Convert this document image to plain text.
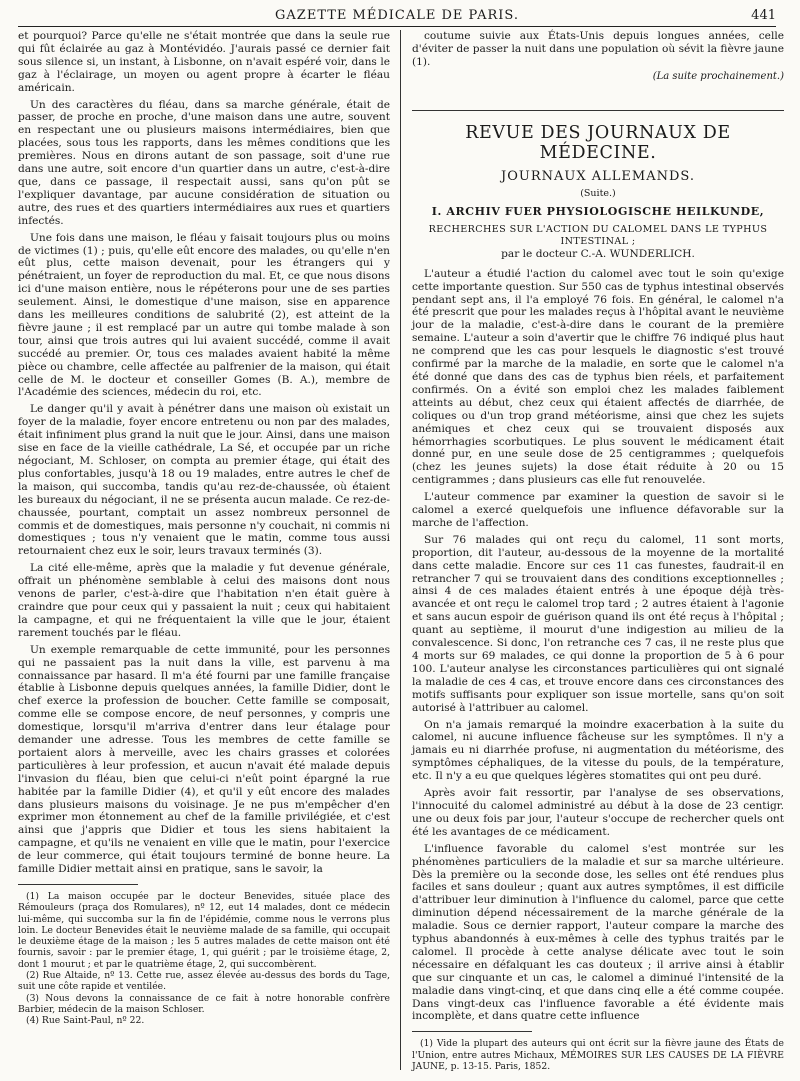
GAZETTE MÉDICALE DE PARIS.	441

et pourquoi? Parce qu'elle ne s'était montrée que dans la seule rue qui fût éclairée au gaz à Montévidéo. J'aurais passé ce dernier fait sous silence si, un instant, à Lisbonne, on n'avait espéré voir, dans le gaz à l'éclairage, un moyen ou agent propre à écarter le fléau américain.

Un des caractères du fléau, dans sa marche générale, était de passer, de proche en proche, d'une maison dans une autre, souvent en respectant une ou plusieurs maisons intermédiaires, bien que placées, sous tous les rapports, dans les mêmes conditions que les premières. Nous en dirons autant de son passage, soit d'une rue dans une autre, soit encore d'un quartier dans un autre, c'est-à-dire que, dans ce passage, il respectait aussi, sans qu'on pût se l'expliquer davantage, par aucune considération de situation ou autre, des rues et des quartiers intermédiaires aux rues et quartiers infectés.

Une fois dans une maison, le fléau y faisait toujours plus ou moins de victimes (1) ; puis, qu'elle eût encore des malades, ou qu'elle n'en eût plus, cette maison devenait, pour les étrangers qui y pénétraient, un foyer de reproduction du mal. Et, ce que nous disons ici d'une maison entière, nous le répéterons pour une de ses parties seulement. Ainsi, le domestique d'une maison, sise en apparence dans les meilleures conditions de salubrité (2), est atteint de la fièvre jaune ; il est remplacé par un autre qui tombe malade à son tour, ainsi que trois autres qui lui avaient succédé, comme il avait succédé au premier. Or, tous ces malades avaient habité la même pièce ou chambre, celle affectée au palfrenier de la maison, qui était celle de M. le docteur et conseiller Gomes (B. A.), membre de l'Académie des sciences, médecin du roi, etc.

Le danger qu'il y avait à pénétrer dans une maison où existait un foyer de la maladie, foyer encore entretenu ou non par des malades, était infiniment plus grand la nuit que le jour. Ainsi, dans une maison sise en face de la vieille cathédrale, La Sé, et occupée par un riche négociant, M. Schloser, on compta au premier étage, qui était des plus confortables, jusqu'à 18 ou 19 malades, entre autres le chef de la maison, qui succomba, tandis qu'au rez-de-chaussée, où étaient les bureaux du négociant, il ne se présenta aucun malade. Ce rez-de-chaussée, pourtant, comptait un assez nombreux personnel de commis et de domestiques, mais personne n'y couchait, ni commis ni domestiques ; tous n'y venaient que le matin, comme tous aussi retournaient chez eux le soir, leurs travaux terminés (3).

La cité elle-même, après que la maladie y fut devenue générale, offrait un phénomène semblable à celui des maisons dont nous venons de parler, c'est-à-dire que l'habitation n'en était guère à craindre que pour ceux qui y passaient la nuit ; ceux qui habitaient la campagne, et qui ne fréquentaient la ville que le jour, étaient rarement touchés par le fléau.

Un exemple remarquable de cette immunité, pour les personnes qui ne passaient pas la nuit dans la ville, est parvenu à ma connaissance par hasard. Il m'a été fourni par une famille française établie à Lisbonne depuis quelques années, la famille Didier, dont le chef exerce la profession de boucher. Cette famille se composait, comme elle se compose encore, de neuf personnes, y compris une domestique, lorsqu'il m'arriva d'entrer dans leur étalage pour demander une adresse. Tous les membres de cette famille se portaient alors à merveille, avec les chairs grasses et colorées particulières à leur profession, et aucun n'avait été malade depuis l'invasion du fléau, bien que celui-ci n'eût point épargné la rue habitée par la famille Didier (4), et qu'il y eût encore des malades dans plusieurs maisons du voisinage. Je ne pus m'empêcher d'en exprimer mon étonnement au chef de la famille privilégiée, et c'est ainsi que j'appris que Didier et tous les siens habitaient la campagne, et qu'ils ne venaient en ville que le matin, pour l'exercice de leur commerce, qui était toujours terminé de bonne heure. La famille Didier mettait ainsi en pratique, sans le savoir, la

(1) La maison occupée par le docteur Benevides, située place des Rémouleurs (praça dos Romulares), nº 12, eut 14 malades, dont ce médecin lui-même, qui succomba sur la fin de l'épidémie, comme nous le verrons plus loin. Le docteur Benevides était le neuvième malade de sa famille, qui occupait le deuxième étage de la maison ; les 5 autres malades de cette maison ont été fournis, savoir : par le premier étage, 1, qui guérit ; par le troisième étage, 2, dont 1 mourut ; et par le quatrième étage, 2, qui succombèrent.

(2) Rue Altaide, nº 13. Cette rue, assez élevée au-dessus des bords du Tage, suit une côte rapide et ventilée.

(3) Nous devons la connaissance de ce fait à notre honorable confrère Barbier, médecin de la maison Schloser.

(4) Rue Saint-Paul, nº 22.

coutume suivie aux États-Unis depuis longues années, celle d'éviter de passer la nuit dans une population où sévit la fièvre jaune (1).

(La suite prochainement.)
REVUE DES JOURNAUX DE MÉDECINE.
JOURNAUX ALLEMANDS.
(Suite.)
I. ARCHIV FUER PHYSIOLOGISCHE HEILKUNDE,
RECHERCHES SUR L'ACTION DU CALOMEL DANS LE TYPHUS INTESTINAL ;
par le docteur C.-A. WUNDERLICH.

L'auteur a étudié l'action du calomel avec tout le soin qu'exige cette importante question. Sur 550 cas de typhus intestinal observés pendant sept ans, il l'a employé 76 fois. En général, le calomel n'a été prescrit que pour les malades reçus à l'hôpital avant le neuvième jour de la maladie, c'est-à-dire dans le courant de la première semaine. L'auteur a soin d'avertir que le chiffre 76 indiqué plus haut ne comprend que les cas pour lesquels le diagnostic s'est trouvé confirmé par la marche de la maladie, en sorte que le calomel n'a été donné que dans des cas de typhus bien réels, et parfaitement confirmés. On a évité son emploi chez les malades faiblement atteints au début, chez ceux qui étaient affectés de diarrhée, de coliques ou d'un trop grand météorisme, ainsi que chez les sujets anémiques et chez ceux qui se trouvaient disposés aux hémorrhagies scorbutiques. Le plus souvent le médicament était donné pur, en une seule dose de 25 centigrammes ; quelquefois (chez les jeunes sujets) la dose était réduite à 20 ou 15 centigrammes ; dans plusieurs cas elle fut renouvelée.

L'auteur commence par examiner la question de savoir si le calomel a exercé quelquefois une influence défavorable sur la marche de l'affection.

Sur 76 malades qui ont reçu du calomel, 11 sont morts, proportion, dit l'auteur, au-dessous de la moyenne de la mortalité dans cette maladie. Encore sur ces 11 cas funestes, faudrait-il en retrancher 7 qui se trouvaient dans des conditions exceptionnelles ; ainsi 4 de ces malades étaient entrés à une époque déjà très-avancée et ont reçu le calomel trop tard ; 2 autres étaient à l'agonie et sans aucun espoir de guérison quand ils ont été reçus à l'hôpital ; quant au septième, il mourut d'une indigestion au milieu de la convalescence. Si donc, l'on retranche ces 7 cas, il ne reste plus que 4 morts sur 69 malades, ce qui donne la proportion de 5 à 6 pour 100. L'auteur analyse les circonstances particulières qui ont signalé la maladie de ces 4 cas, et trouve encore dans ces circonstances des motifs suffisants pour expliquer son issue mortelle, sans qu'on soit autorisé à l'attribuer au calomel.

On n'a jamais remarqué la moindre exacerbation à la suite du calomel, ni aucune influence fâcheuse sur les symptômes. Il n'y a jamais eu ni diarrhée profuse, ni augmentation du météorisme, des symptômes céphaliques, de la vitesse du pouls, de la température, etc. Il n'y a eu que quelques légères stomatites qui ont peu duré.

Après avoir fait ressortir, par l'analyse de ses observations, l'innocuité du calomel administré au début à la dose de 23 centigr. une ou deux fois par jour, l'auteur s'occupe de rechercher quels ont été les avantages de ce médicament.

L'influence favorable du calomel s'est montrée sur les phénomènes particuliers de la maladie et sur sa marche ultérieure. Dès la première ou la seconde dose, les selles ont été rendues plus faciles et sans douleur ; quant aux autres symptômes, il est difficile d'attribuer leur diminution à l'influence du calomel, parce que cette diminution dépend nécessairement de la marche générale de la maladie. Sous ce dernier rapport, l'auteur compare la marche des typhus abandonnés à eux-mêmes à celle des typhus traités par le calomel. Il procède à cette analyse délicate avec tout le soin nécessaire en défalquant les cas douteux ; il arrive ainsi à établir que sur cinquante et un cas, le calomel a diminué l'intensité de la maladie dans vingt-cinq, et que dans cinq elle a été comme coupée. Dans vingt-deux cas l'influence favorable a été évidente mais incomplète, et dans quatre cette influence

(1) Vide la plupart des auteurs qui ont écrit sur la fièvre jaune des États de l'Union, entre autres Michaux, MÉMOIRES SUR LES CAUSES DE LA FIÈVRE JAUNE, p. 13-15. Paris, 1852.
